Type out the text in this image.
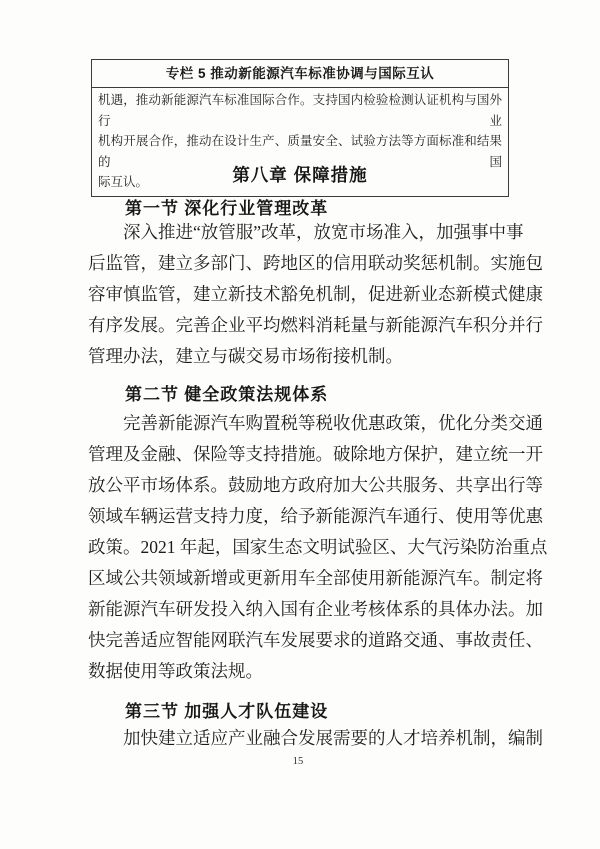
专栏 5 推动新能源汽车标准协调与国际互认
机遇，推动新能源汽车标准国际合作。支持国内检验检测认证机构与国外行业
机构开展合作，推动在设计生产、质量安全、试验方法等方面标准和结果的国
际互认。	第八章 保障措施
第一节 深化行业管理改革
深入推进“放管服”改革，放宽市场准入，加强事中事
后监管，建立多部门、跨地区的信用联动奖惩机制。实施包
容审慎监管，建立新技术豁免机制，促进新业态新模式健康
有序发展。完善企业平均燃料消耗量与新能源汽车积分并行
管理办法，建立与碳交易市场衔接机制。
第二节 健全政策法规体系
完善新能源汽车购置税等税收优惠政策，优化分类交通
管理及金融、保险等支持措施。破除地方保护，建立统一开
放公平市场体系。鼓励地方政府加大公共服务、共享出行等
领域车辆运营支持力度，给予新能源汽车通行、使用等优惠
政策。2021 年起，国家生态文明试验区、大气污染防治重点
区域公共领域新增或更新用车全部使用新能源汽车。制定将
新能源汽车研发投入纳入国有企业考核体系的具体办法。加
快完善适应智能网联汽车发展要求的道路交通、事故责任、
数据使用等政策法规。
第三节 加强人才队伍建设
加快建立适应产业融合发展需要的人才培养机制，编制
15
